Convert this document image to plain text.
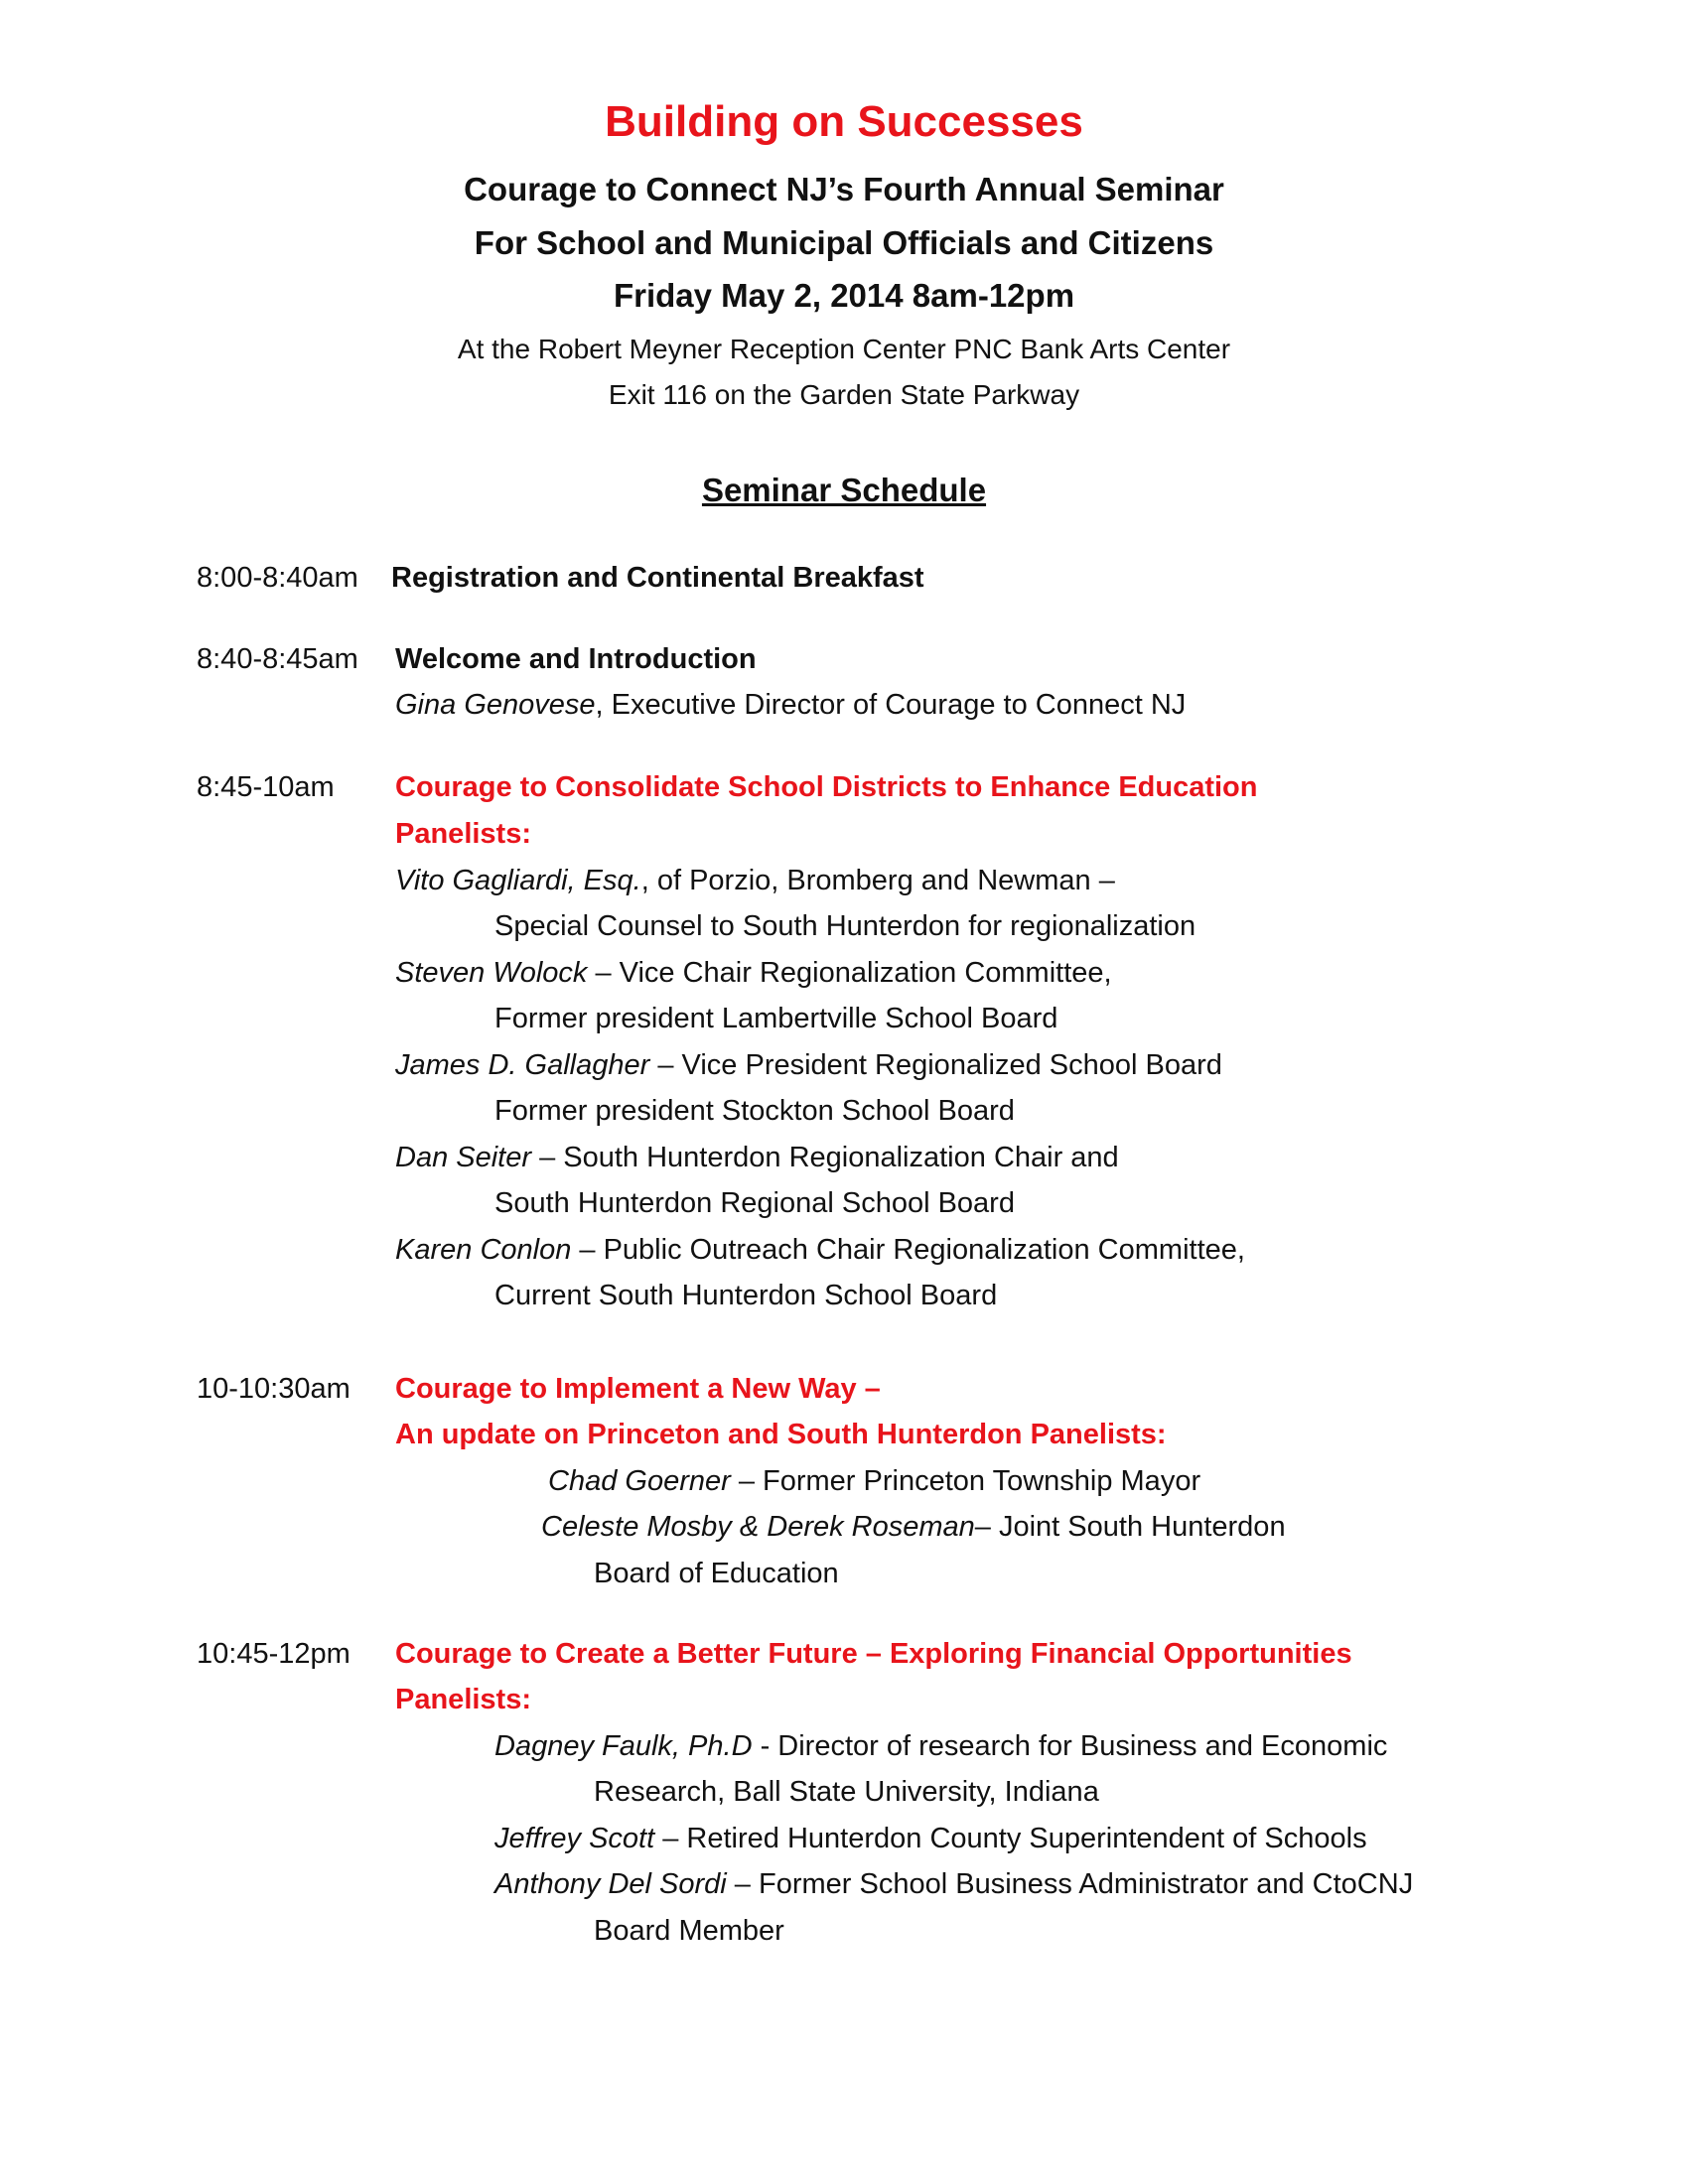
Building on Successes
Courage to Connect NJ’s Fourth Annual Seminar
For School and Municipal Officials and Citizens
Friday May 2, 2014 8am-12pm
At the Robert Meyner Reception Center PNC Bank Arts Center
Exit 116 on the Garden State Parkway
Seminar Schedule
8:00-8:40am Registration and Continental Breakfast
8:40-8:45am Welcome and Introduction
Gina Genovese, Executive Director of Courage to Connect NJ
8:45-10am Courage to Consolidate School Districts to Enhance Education
Panelists:
Vito Gagliardi, Esq., of Porzio, Bromberg and Newman –
Special Counsel to South Hunterdon for regionalization
Steven Wolock – Vice Chair Regionalization Committee,
Former president Lambertville School Board
James D. Gallagher – Vice President Regionalized School Board
Former president Stockton School Board
Dan Seiter – South Hunterdon Regionalization Chair and
South Hunterdon Regional School Board
Karen Conlon – Public Outreach Chair Regionalization Committee,
Current South Hunterdon School Board
10-10:30am Courage to Implement a New Way –
An update on Princeton and South Hunterdon Panelists:
Chad Goerner – Former Princeton Township Mayor
Celeste Mosby & Derek Roseman– Joint South Hunterdon
Board of Education
10:45-12pm Courage to Create a Better Future – Exploring Financial Opportunities
Panelists:
Dagney Faulk, Ph.D - Director of research for Business and Economic
Research, Ball State University, Indiana
Jeffrey Scott – Retired Hunterdon County Superintendent of Schools
Anthony Del Sordi – Former School Business Administrator and CtoCNJ
Board Member
